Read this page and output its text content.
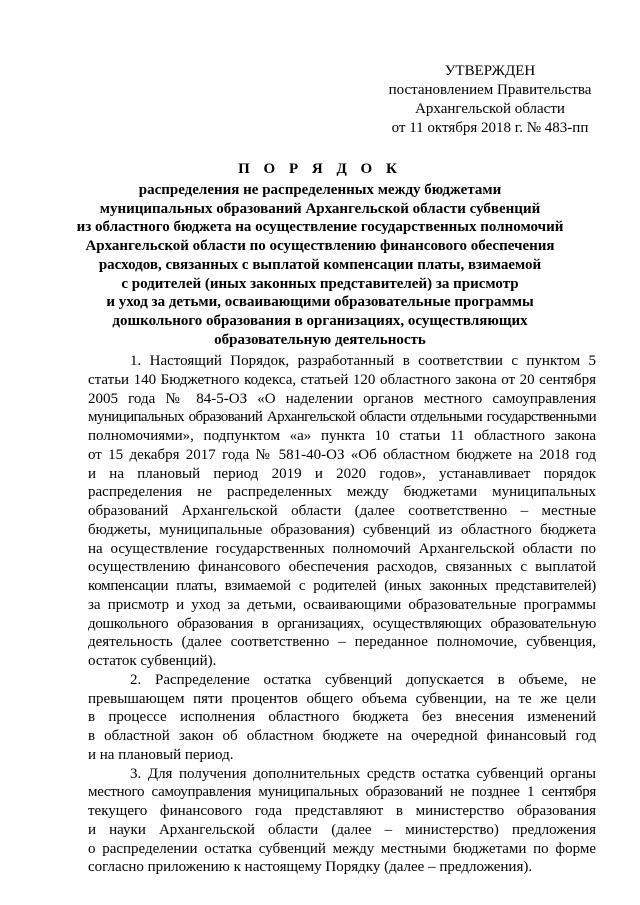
УТВЕРЖДЕН
постановлением Правительства
Архангельской области
от 11 октября 2018 г. № 483-пп
П О Р Я Д О К
распределения не распределенных между бюджетами
муниципальных образований Архангельской области субвенций
из областного бюджета на осуществление государственных полномочий
Архангельской области по осуществлению финансового обеспечения
расходов, связанных с выплатой компенсации платы, взимаемой
с родителей (иных законных представителей) за присмотр
и уход за детьми, осваивающими образовательные программы
дошкольного образования в организациях, осуществляющих
образовательную деятельность
1. Настоящий Порядок, разработанный в соответствии с пунктом 5
статьи 140 Бюджетного кодекса, статьей 120 областного закона от 20 сентября
2005 года № 84-5-ОЗ «О наделении органов местного самоуправления
муниципальных образований Архангельской области отдельными государственными
полномочиями», подпунктом «а» пункта 10 статьи 11 областного закона
от 15 декабря 2017 года № 581-40-ОЗ «Об областном бюджете на 2018 год
и на плановый период 2019 и 2020 годов», устанавливает порядок
распределения не распределенных между бюджетами муниципальных
образований Архангельской области (далее соответственно – местные
бюджеты, муниципальные образования) субвенций из областного бюджета
на осуществление государственных полномочий Архангельской области по
осуществлению финансового обеспечения расходов, связанных с выплатой
компенсации платы, взимаемой с родителей (иных законных представителей)
за присмотр и уход за детьми, осваивающими образовательные программы
дошкольного образования в организациях, осуществляющих образовательную
деятельность (далее соответственно – переданное полномочие, субвенция,
остаток субвенций).
2. Распределение остатка субвенций допускается в объеме, не
превышающем пяти процентов общего объема субвенции, на те же цели
в процессе исполнения областного бюджета без внесения изменений
в областной закон об областном бюджете на очередной финансовый год
и на плановый период.
3. Для получения дополнительных средств остатка субвенций органы
местного самоуправления муниципальных образований не позднее 1 сентября
текущего финансового года представляют в министерство образования
и науки Архангельской области (далее – министерство) предложения
о распределении остатка субвенций между местными бюджетами по форме
согласно приложению к настоящему Порядку (далее – предложения).
